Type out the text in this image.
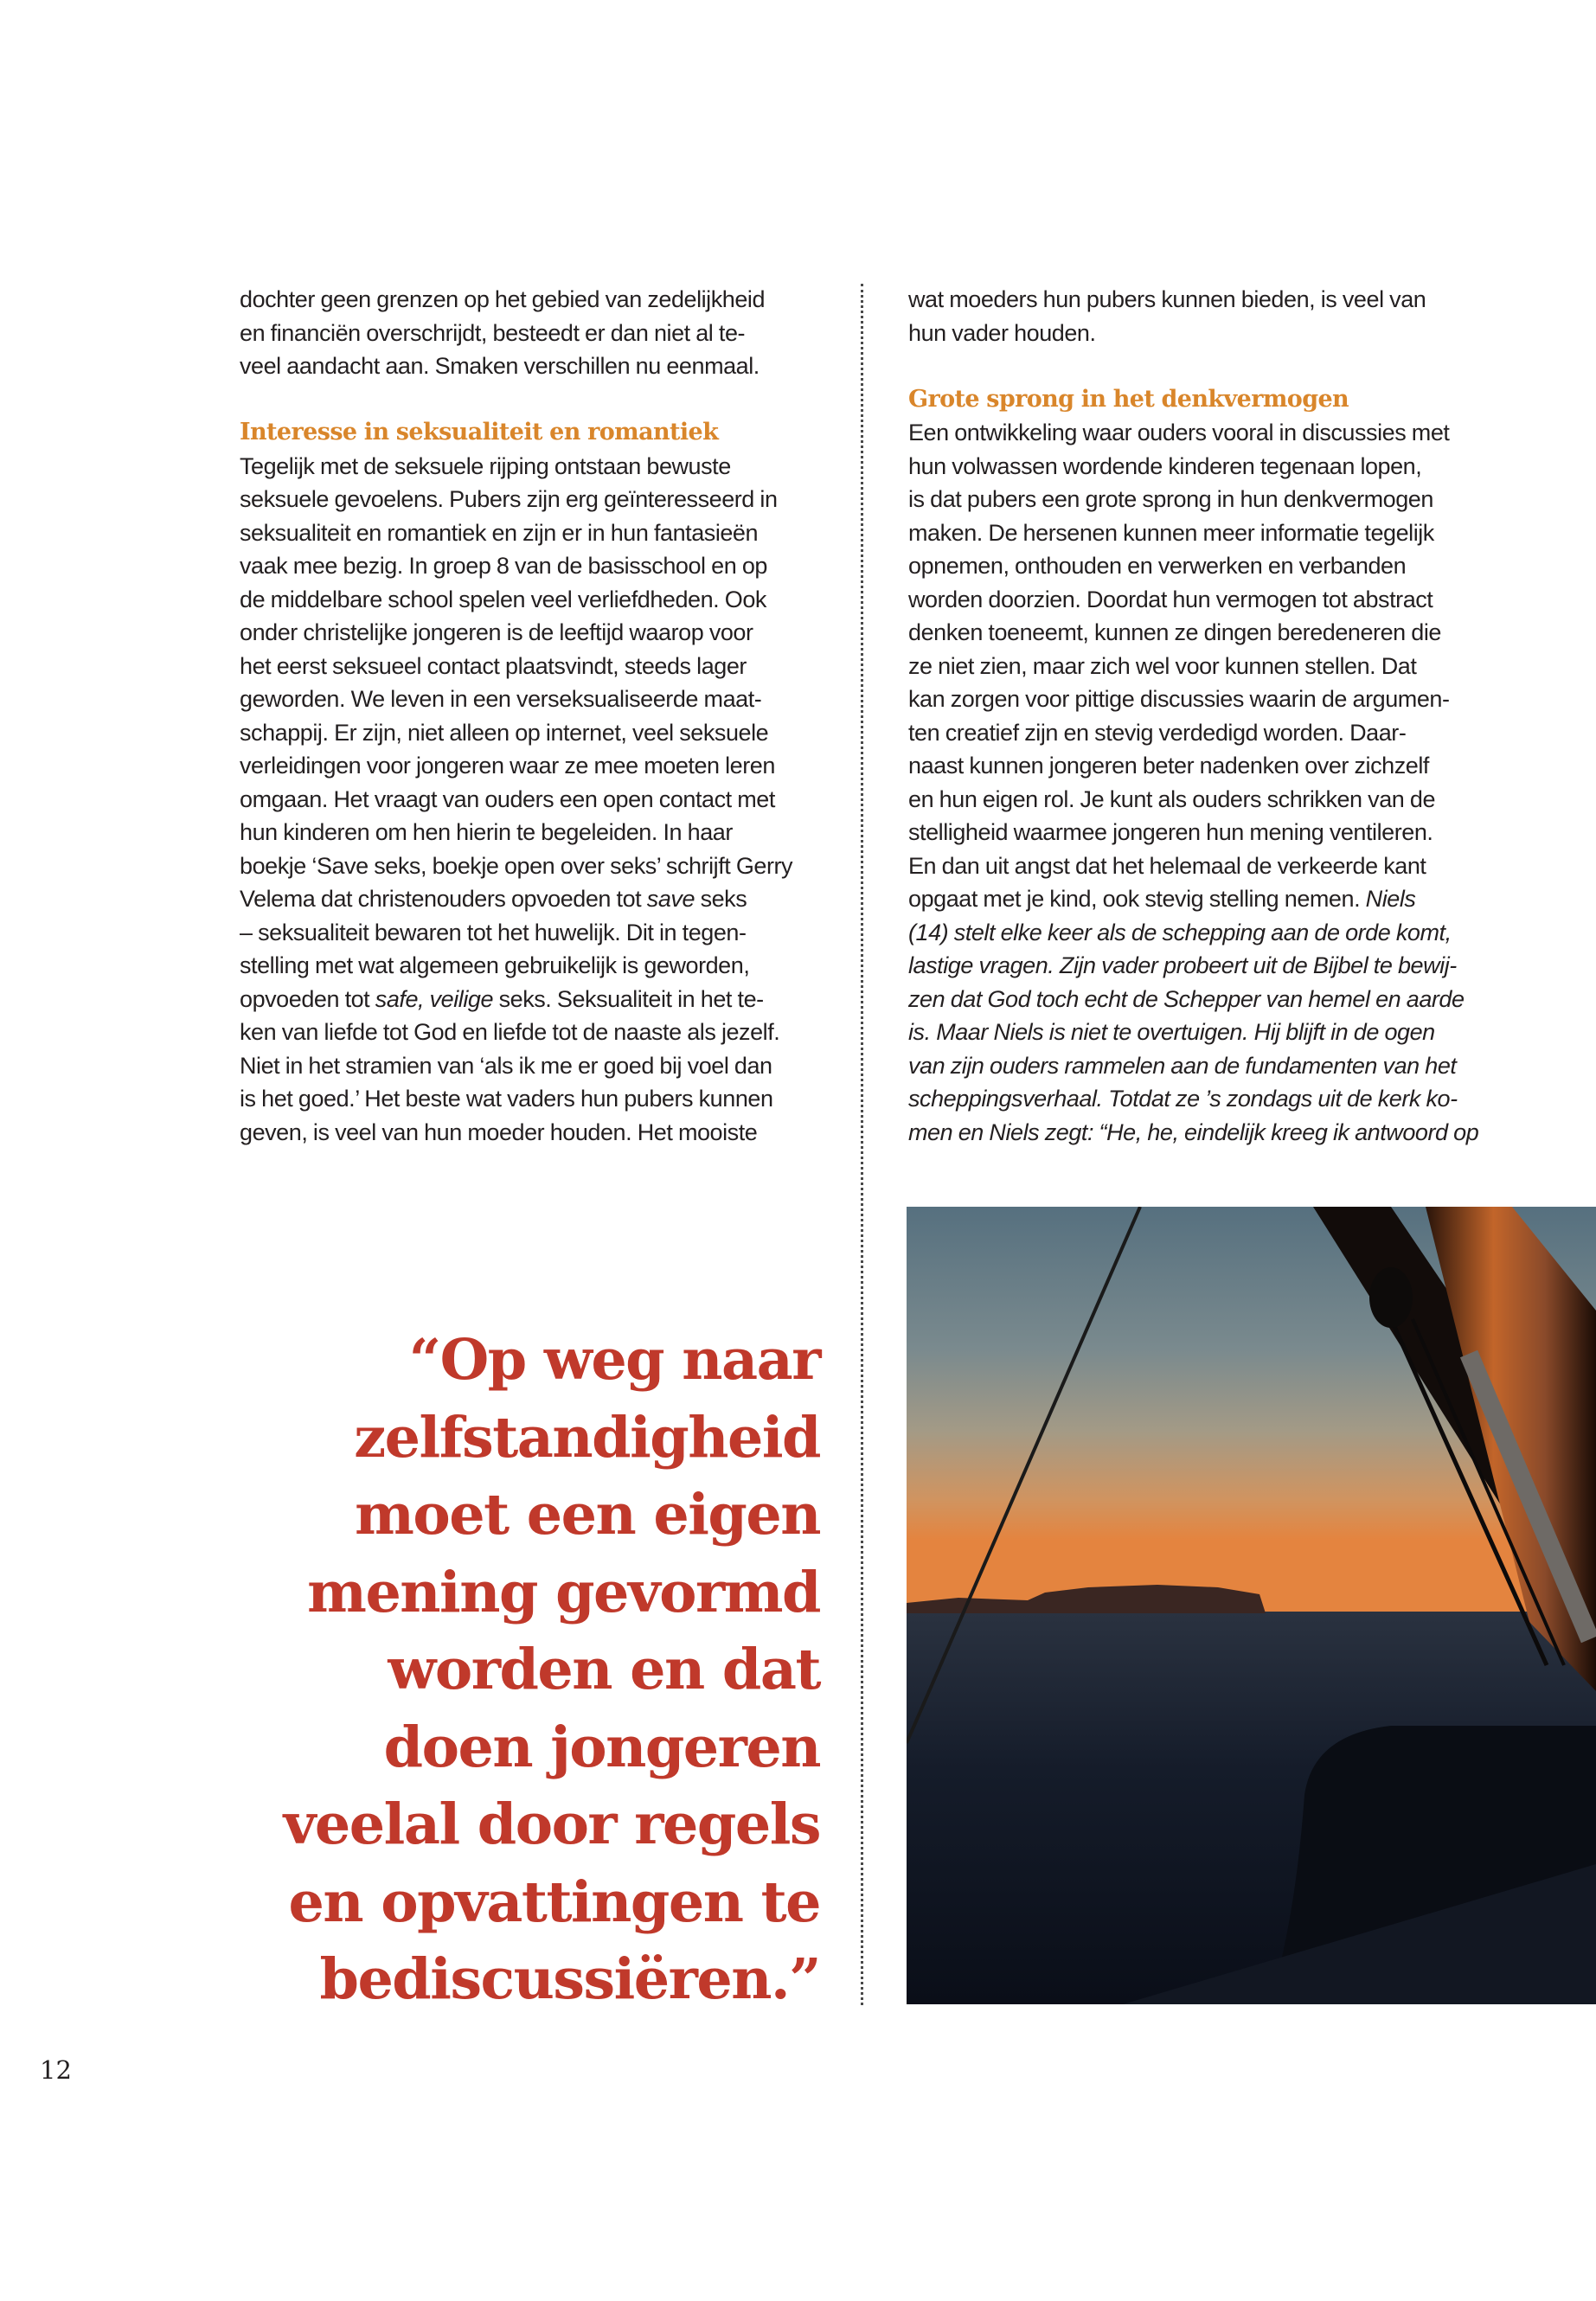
dochter geen grenzen op het gebied van zedelijkheid

en financiën overschrijdt, besteedt er dan niet al te-

veel aandacht aan. Smaken verschillen nu eenmaal.

Interesse in seksualiteit en romantiek

Tegelijk met de seksuele rijping ontstaan bewuste

seksuele gevoelens. Pubers zijn erg geïnteresseerd in

seksualiteit en romantiek en zijn er in hun fantasieën

vaak mee bezig. In groep 8 van de basisschool en op

de middelbare school spelen veel verliefdheden. Ook

onder christelijke jongeren is de leeftijd waarop voor

het eerst seksueel contact plaatsvindt, steeds lager

geworden. We leven in een verseksualiseerde maat-

schappij. Er zijn, niet alleen op internet, veel seksuele

verleidingen voor jongeren waar ze mee moeten leren

omgaan. Het vraagt van ouders een open contact met

hun kinderen om hen hierin te begeleiden. In haar

boekje ‘Save seks, boekje open over seks’ schrijft Gerry

Velema dat christenouders opvoeden tot save seks

– seksualiteit bewaren tot het huwelijk. Dit in tegen-

stelling met wat algemeen gebruikelijk is geworden,

opvoeden tot safe, veilige seks. Seksualiteit in het te-

ken van liefde tot God en liefde tot de naaste als jezelf.

Niet in het stramien van ‘als ik me er goed bij voel dan

is het goed.’ Het beste wat vaders hun pubers kunnen

geven, is veel van hun moeder houden. Het mooiste

wat moeders hun pubers kunnen bieden, is veel van

hun vader houden.

Grote sprong in het denkvermogen

Een ontwikkeling waar ouders vooral in discussies met

hun volwassen wordende kinderen tegenaan lopen,

is dat pubers een grote sprong in hun denkvermogen

maken. De hersenen kunnen meer informatie tegelijk

opnemen, onthouden en verwerken en verbanden

worden doorzien. Doordat hun vermogen tot abstract

denken toeneemt, kunnen ze dingen beredeneren die

ze niet zien, maar zich wel voor kunnen stellen. Dat

kan zorgen voor pittige discussies waarin de argumen-

ten creatief zijn en stevig verdedigd worden. Daar-

naast kunnen jongeren beter nadenken over zichzelf

en hun eigen rol. Je kunt als ouders schrikken van de

stelligheid waarmee jongeren hun mening ventileren.

En dan uit angst dat het helemaal de verkeerde kant

opgaat met je kind, ook stevig stelling nemen. Niels

(14) stelt elke keer als de schepping aan de orde komt,

lastige vragen. Zijn vader probeert uit de Bijbel te bewij-

zen dat God toch echt de Schepper van hemel en aarde

is. Maar Niels is niet te overtuigen. Hij blijft in de ogen

van zijn ouders rammelen aan de fundamenten van het

scheppingsverhaal. Totdat ze ’s zondags uit de kerk ko-

men en Niels zegt: “He, he, eindelijk kreeg ik antwoord op

“Op weg naar
zelfstandigheid
moet een eigen
mening gevormd
worden en dat
doen jongeren
veelal door regels
en opvattingen te
bediscussiëren.”
12
